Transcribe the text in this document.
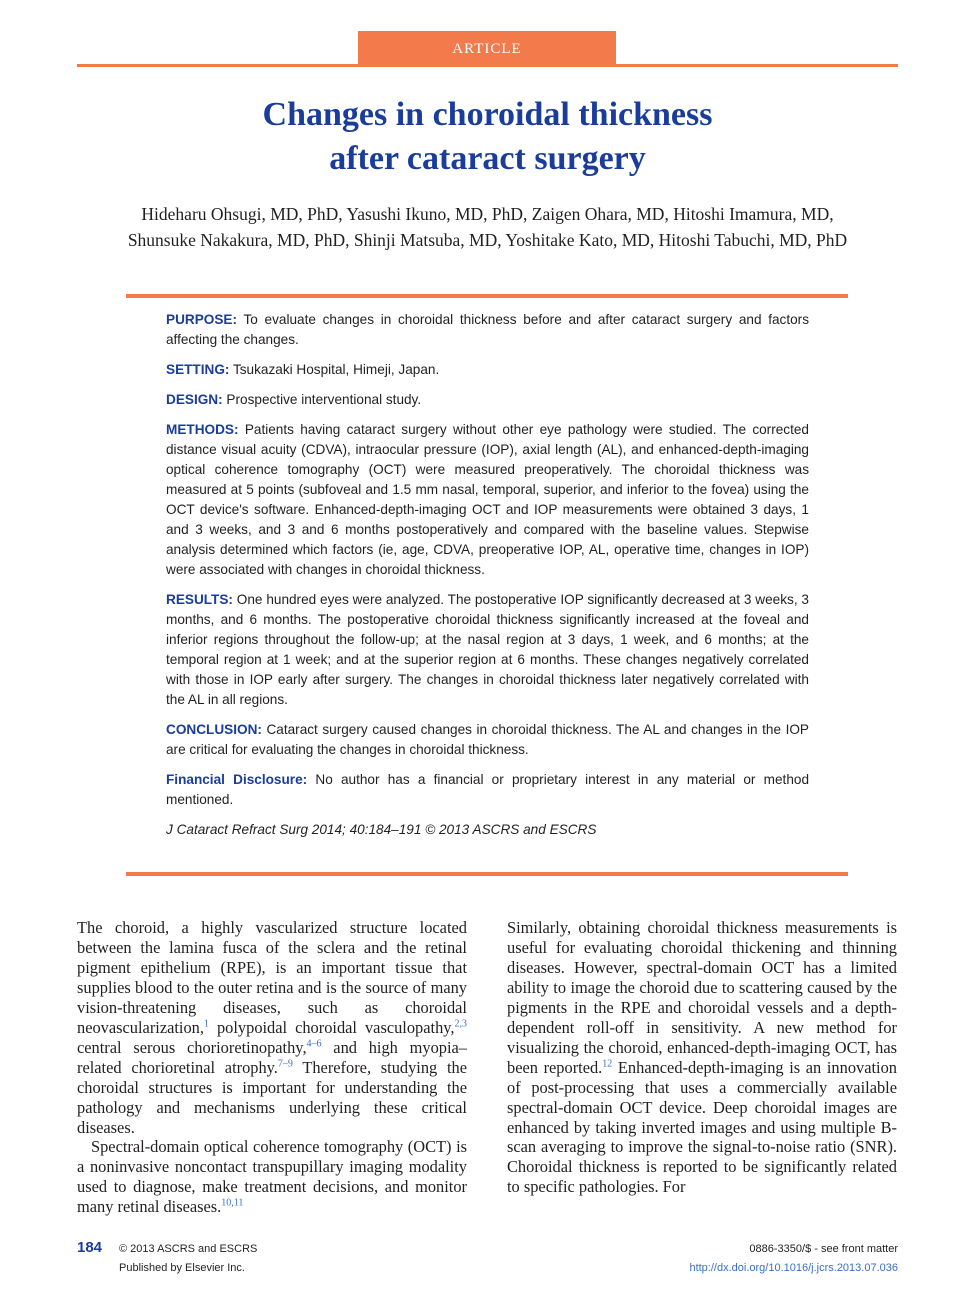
ARTICLE
Changes in choroidal thickness
after cataract surgery
Hideharu Ohsugi, MD, PhD, Yasushi Ikuno, MD, PhD, Zaigen Ohara, MD, Hitoshi Imamura, MD,
Shunsuke Nakakura, MD, PhD, Shinji Matsuba, MD, Yoshitake Kato, MD, Hitoshi Tabuchi, MD, PhD

PURPOSE: To evaluate changes in choroidal thickness before and after cataract surgery and factors affecting the changes.

SETTING: Tsukazaki Hospital, Himeji, Japan.

DESIGN: Prospective interventional study.

METHODS: Patients having cataract surgery without other eye pathology were studied. The corrected distance visual acuity (CDVA), intraocular pressure (IOP), axial length (AL), and enhanced-depth-imaging optical coherence tomography (OCT) were measured preoperatively. The choroidal thickness was measured at 5 points (subfoveal and 1.5 mm nasal, temporal, superior, and inferior to the fovea) using the OCT device's software. Enhanced-depth-imaging OCT and IOP measurements were obtained 3 days, 1 and 3 weeks, and 3 and 6 months postoperatively and compared with the baseline values. Stepwise analysis determined which factors (ie, age, CDVA, preoperative IOP, AL, operative time, changes in IOP) were associated with changes in choroidal thickness.

RESULTS: One hundred eyes were analyzed. The postoperative IOP significantly decreased at 3 weeks, 3 months, and 6 months. The postoperative choroidal thickness significantly increased at the foveal and inferior regions throughout the follow-up; at the nasal region at 3 days, 1 week, and 6 months; at the temporal region at 1 week; and at the superior region at 6 months. These changes negatively correlated with those in IOP early after surgery. The changes in choroidal thickness later negatively correlated with the AL in all regions.

CONCLUSION: Cataract surgery caused changes in choroidal thickness. The AL and changes in the IOP are critical for evaluating the changes in choroidal thickness.

Financial Disclosure: No author has a financial or proprietary interest in any material or method mentioned.

J Cataract Refract Surg 2014; 40:184–191 © 2013 ASCRS and ESCRS

The choroid, a highly vascularized structure located between the lamina fusca of the sclera and the retinal pigment epithelium (RPE), is an important tissue that supplies blood to the outer retina and is the source of many vision-threatening diseases, such as choroidal neovascularization,$^1$ polypoidal choroidal vasculopathy,$^{2,3}$ central serous chorioretinopathy,$^{4-6}$ and high myopia–related chorioretinal atrophy.$^{7-9}$ Therefore, studying the choroidal structures is important for understanding the pathology and mechanisms underlying these critical diseases.

Spectral-domain optical coherence tomography (OCT) is a noninvasive noncontact transpupillary imaging modality used to diagnose, make treatment decisions, and monitor many retinal diseases.$^{10,11}$

Similarly, obtaining choroidal thickness measurements is useful for evaluating choroidal thickening and thinning diseases. However, spectral-domain OCT has a limited ability to image the choroid due to scattering caused by the pigments in the RPE and choroidal vessels and a depth-dependent roll-off in sensitivity. A new method for visualizing the choroid, enhanced-depth-imaging OCT, has been reported.$^{12}$ Enhanced-depth-imaging is an innovation of post-processing that uses a commercially available spectral-domain OCT device. Deep choroidal images are enhanced by taking inverted images and using multiple B-scan averaging to improve the signal-to-noise ratio (SNR). Choroidal thickness is reported to be significantly related to specific pathologies. For

184 © 2013 ASCRS and ESCRS
Published by Elsevier Inc.
0886-3350/$ - see front matter
http://dx.doi.org/10.1016/j.jcrs.2013.07.036
